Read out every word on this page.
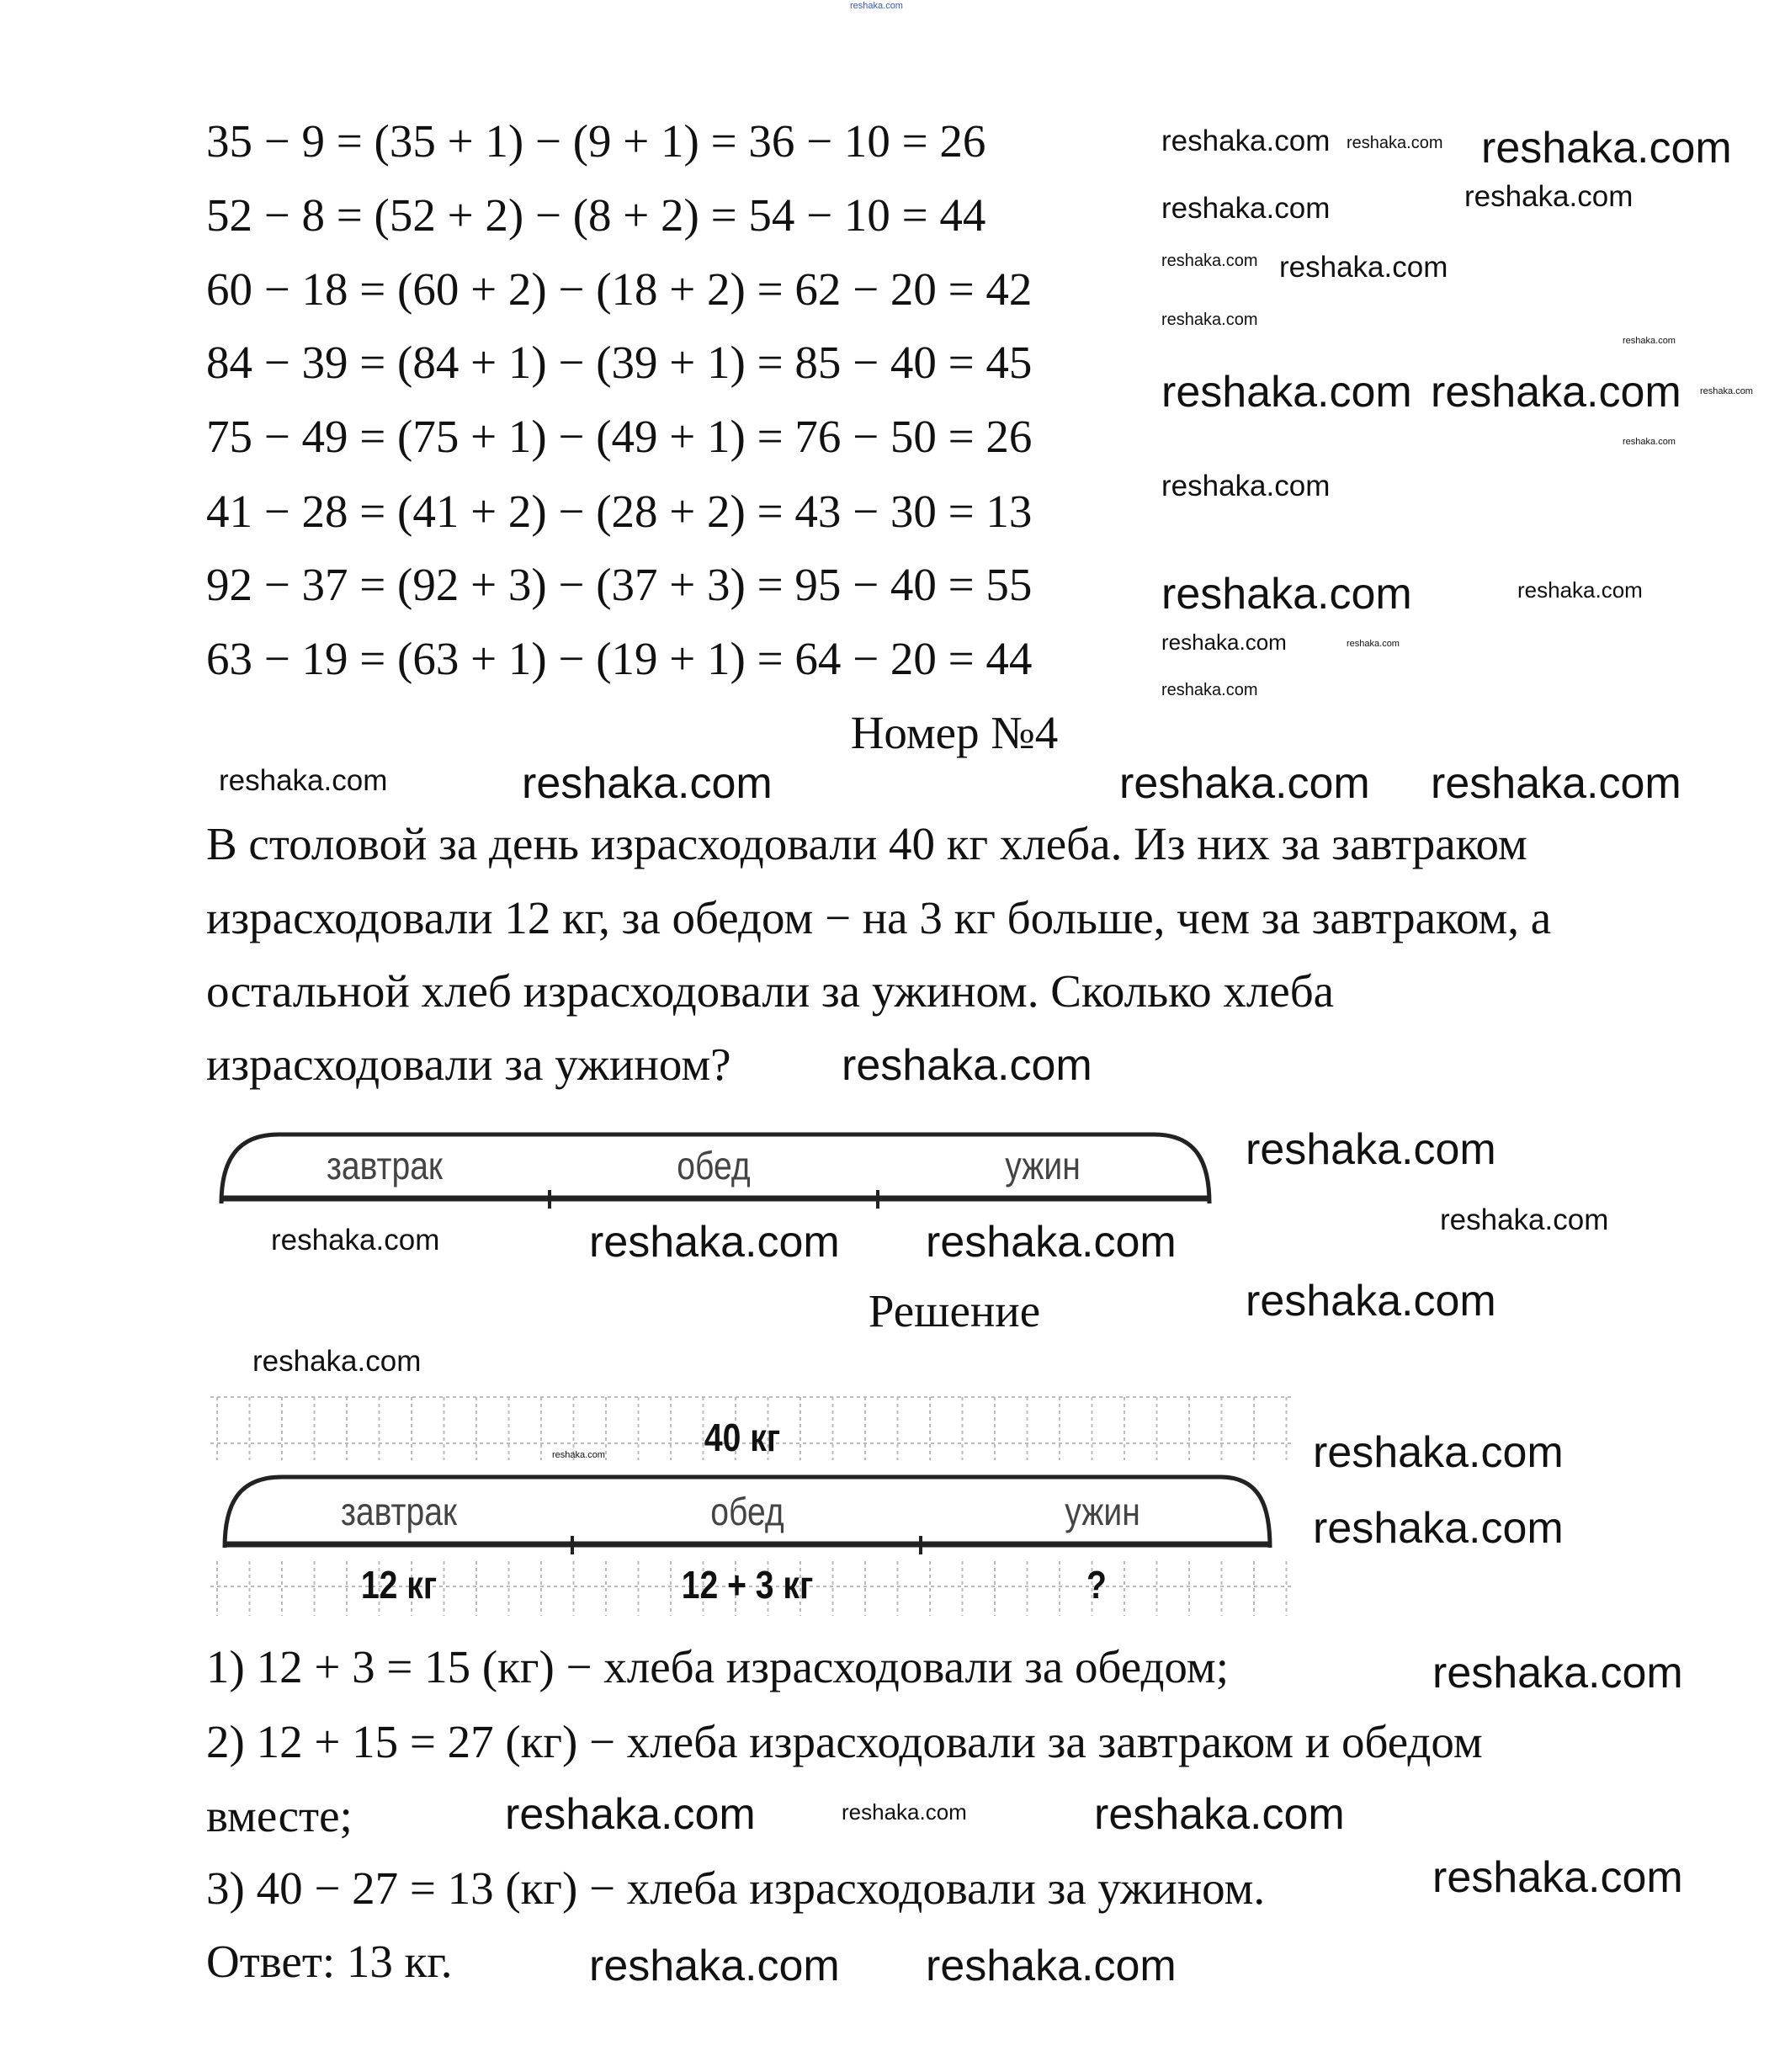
35 − 9 = (35 + 1) − (9 + 1) = 36 − 10 = 26
52 − 8 = (52 + 2) − (8 + 2) = 54 − 10 = 44
60 − 18 = (60 + 2) − (18 + 2) = 62 − 20 = 42
84 − 39 = (84 + 1) − (39 + 1) = 85 − 40 = 45
75 − 49 = (75 + 1) − (49 + 1) = 76 − 50 = 26
41 − 28 = (41 + 2) − (28 + 2) = 43 − 30 = 13
92 − 37 = (92 + 3) − (37 + 3) = 95 − 40 = 55
63 − 19 = (63 + 1) − (19 + 1) = 64 − 20 = 44
Номер №4
В столовой за день израсходовали 40 кг хлеба. Из них за завтраком
израсходовали 12 кг, за обедом − на 3 кг больше, чем за завтраком, а
остальной хлеб израсходовали за ужином. Сколько хлеба
израсходовали за ужином?
завтрак	обед	ужин
Решение
40 кг
завтрак	обед	ужин
12 кг	12 + 3 кг	?
1) 12 + 3 = 15 (кг) − хлеба израсходовали за обедом;
2) 12 + 15 = 27 (кг) − хлеба израсходовали за завтраком и обедом
вместе;
3) 40 − 27 = 13 (кг) − хлеба израсходовали за ужином.
Ответ: 13 кг.
reshaka.com
reshaka.com reshaka.com reshaka.com
reshaka.com
reshaka.com
reshaka.com
reshaka.com
reshaka.com
reshaka.com
reshaka.com reshaka.com reshaka.com
reshaka.com
reshaka.com
reshaka.com	reshaka.com
reshaka.com	reshaka.com
reshaka.com
reshaka.com	reshaka.com	reshaka.com reshaka.com
reshaka.com
reshaka.com
reshaka.com
reshaka.com
reshaka.com	reshaka.com
reshaka.com
reshaka.com
reshaka.com	reshaka.com
reshaka.com
reshaka.com
reshaka.com	reshaka.com	reshaka.com
reshaka.com
reshaka.com reshaka.com
